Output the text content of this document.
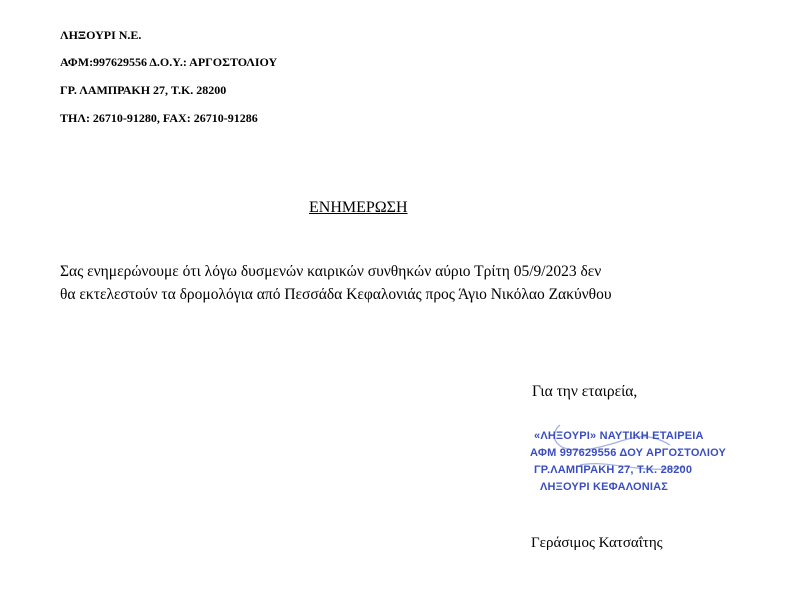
ΛΗΞΟΥΡΙ Ν.Ε.
ΑΦΜ:997629556 Δ.Ο.Υ.: ΑΡΓΟΣΤΟΛΙΟΥ
ΓΡ. ΛΑΜΠΡΑΚΗ 27, Τ.Κ. 28200
ΤΗΛ: 26710-91280, FAX: 26710-91286
ΕΝΗΜΕΡΩΣΗ
Σας ενημερώνουμε ότι λόγω δυσμενών καιρικών συνθηκών αύριο Τρίτη 05/9/2023 δεν
θα εκτελεστούν τα δρομολόγια από Πεσσάδα Κεφαλονιάς προς Άγιο Νικόλαο Ζακύνθου
Για την εταιρεία,
«ΛΗΞΟΥΡΙ» ΝΑΥΤΙΚΗ ΕΤΑΙΡΕΙΑ
ΑΦΜ 997629556 ΔΟΥ ΑΡΓΟΣΤΟΛΙΟΥ
ΓΡ.ΛΑΜΠΡΑΚΗ 27, Τ.Κ. 28200
ΛΗΞΟΥΡΙ ΚΕΦΑΛΟΝΙΑΣ
Γεράσιμος Κατσαΐτης
